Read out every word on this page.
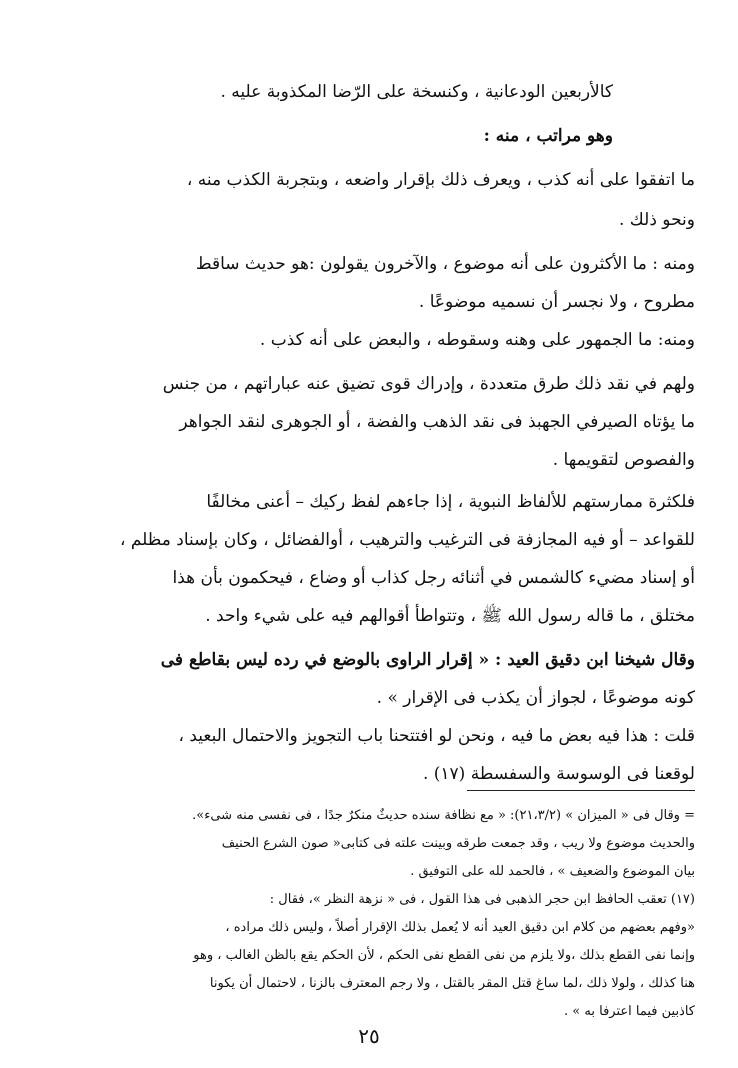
كالأربعين الودعانية ، وكنسخة على الرّضا المكذوبة عليه .
وهو مراتب ، منه :
ما اتفقوا على أنه كذب ، ويعرف ذلك بإقرار واضعه ، وبتجربة الكذب منه ،
ونحو ذلك .
ومنه : ما الأكثرون على أنه موضوع ، والآخرون يقولون :هو حديث ساقط
مطروح ، ولا نجسر أن نسميه موضوعًا .
ومنه: ما الجمهور على وهنه وسقوطه ، والبعض على أنه كذب .
ولهم في نقد ذلك طرق متعددة ، وإدراك قوى تضيق عنه عباراتهم ، من جنس
ما يؤتاه الصيرفي الجهبذ فى نقد الذهب والفضة ، أو الجوهرى لنقد الجواهر
والفصوص لتقويمها .
فلكثرة ممارستهم للألفاظ النبوية ، إذا جاءهم لفظ ركيك – أعنى مخالفًا
للقواعد – أو فيه المجازفة فى الترغيب والترهيب ، أوالفضائل ، وكان بإسناد مظلم ،
أو إسناد مضيء كالشمس في أثنائه رجل كذاب أو وضاع ، فيحكمون بأن هذا
مختلق ، ما قاله رسول الله ﷺ ، وتتواطأ أقوالهم فيه على شيء واحد .
وقال شيخنا ابن دقيق العيد : « إقرار الراوى بالوضع في رده ليس بقاطع فى
كونه موضوعًا ، لجواز أن يكذب فى الإقرار » .
قلت : هذا فيه بعض ما فيه ، ونحن لو افتتحنا باب التجويز والاحتمال البعيد ،
لوقعنا فى الوسوسة والسفسطة (١٧) .
= وقال فى « الميزان » (٢١،٣/٢): « مع نظافة سنده حديثٌ منكرٌ جدًا ، فى نفسى منه شىء».
والحديث موضوع ولا ريب ، وقد جمعت طرقه وبينت علته فى كتابى« صون الشرع الحنيف
بيان الموضوع والضعيف » ، فالحمد لله على التوفيق .
(١٧) تعقب الحافظ ابن حجر الذهبى فى هذا القول ، فى « نزهة النظر »، فقال :
«وفهم بعضهم من كلام ابن دقيق العيد أنه لا يُعمل بذلك الإقرار أصلاً ، وليس ذلك مراده ،
وإنما نفى القطع بذلك ،ولا يلزم من نفى القطع نفى الحكم ، لأن الحكم يقع بالظن الغالب ، وهو
هنا كذلك ، ولولا ذلك ،لما ساغ قتل المقر بالقتل ، ولا رجم المعترف بالزنا ، لاحتمال أن يكونا
كاذبين فيما اعترفا به » .
٢٥
